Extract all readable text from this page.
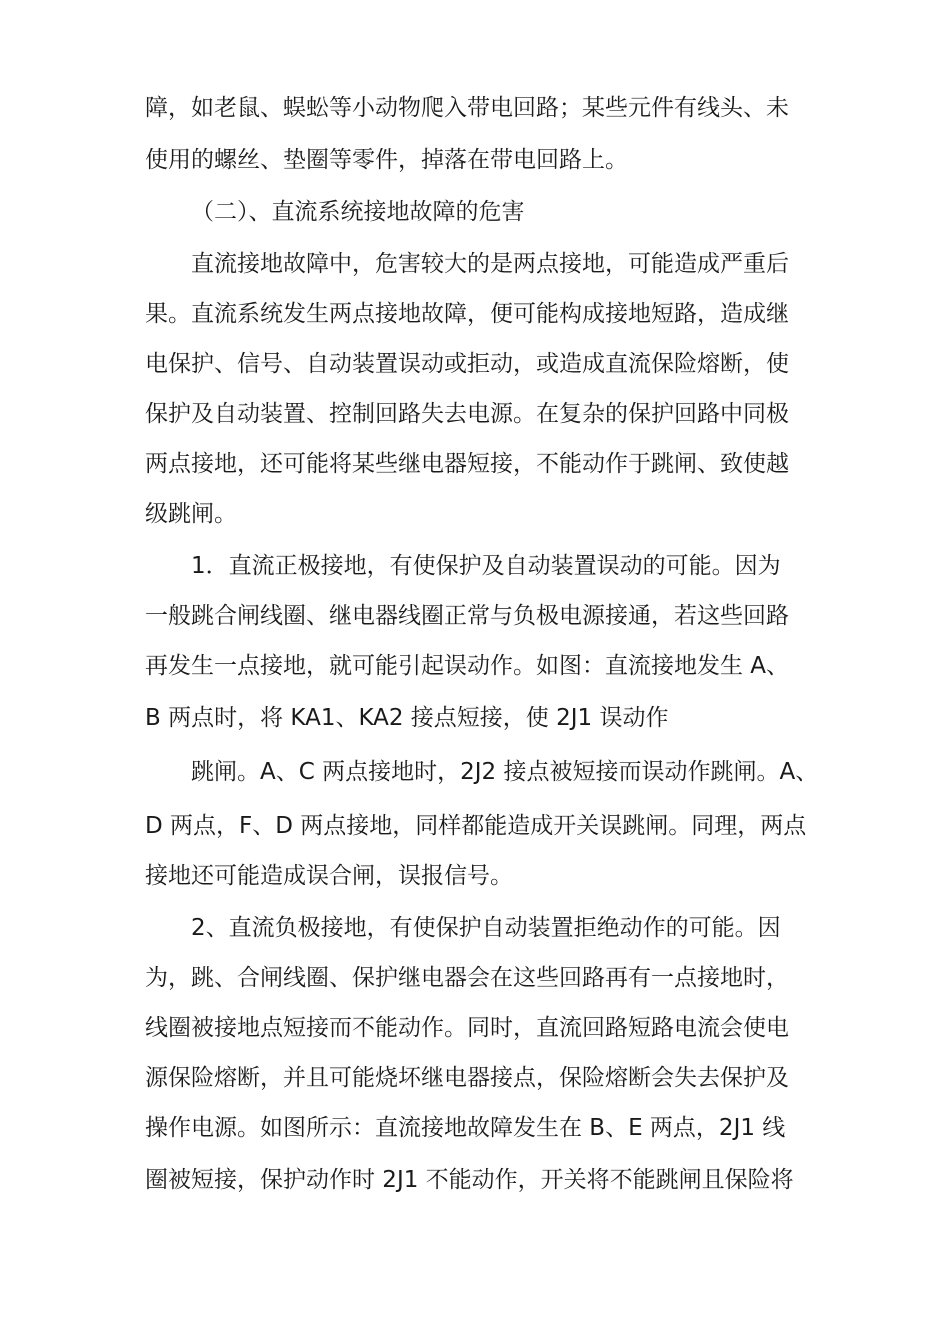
障，如老鼠、蜈蚣等小动物爬入带电回路；某些元件有线头、未
使用的螺丝、垫圈等零件，掉落在带电回路上。
（二）、直流系统接地故障的危害
直流接地故障中，危害较大的是两点接地，可能造成严重后
果。直流系统发生两点接地故障，便可能构成接地短路，造成继
电保护、信号、自动装置误动或拒动，或造成直流保险熔断，使
保护及自动装置、控制回路失去电源。在复杂的保护回路中同极
两点接地，还可能将某些继电器短接，不能动作于跳闸、致使越
级跳闸。
1．直流正极接地，有使保护及自动装置误动的可能。因为
一般跳合闸线圈、继电器线圈正常与负极电源接通，若这些回路
再发生一点接地，就可能引起误动作。如图：直流接地发生 A、
B 两点时，将 KA1、KA2 接点短接，使 2J1 误动作
跳闸。A、C 两点接地时，2J2 接点被短接而误动作跳闸。A、
D 两点，F、D 两点接地，同样都能造成开关误跳闸。同理，两点
接地还可能造成误合闸，误报信号。
2、直流负极接地，有使保护自动装置拒绝动作的可能。因
为，跳、合闸线圈、保护继电器会在这些回路再有一点接地时，
线圈被接地点短接而不能动作。同时，直流回路短路电流会使电
源保险熔断，并且可能烧坏继电器接点，保险熔断会失去保护及
操作电源。如图所示：直流接地故障发生在 B、E 两点，2J1 线
圈被短接，保护动作时 2J1 不能动作，开关将不能跳闸且保险将
